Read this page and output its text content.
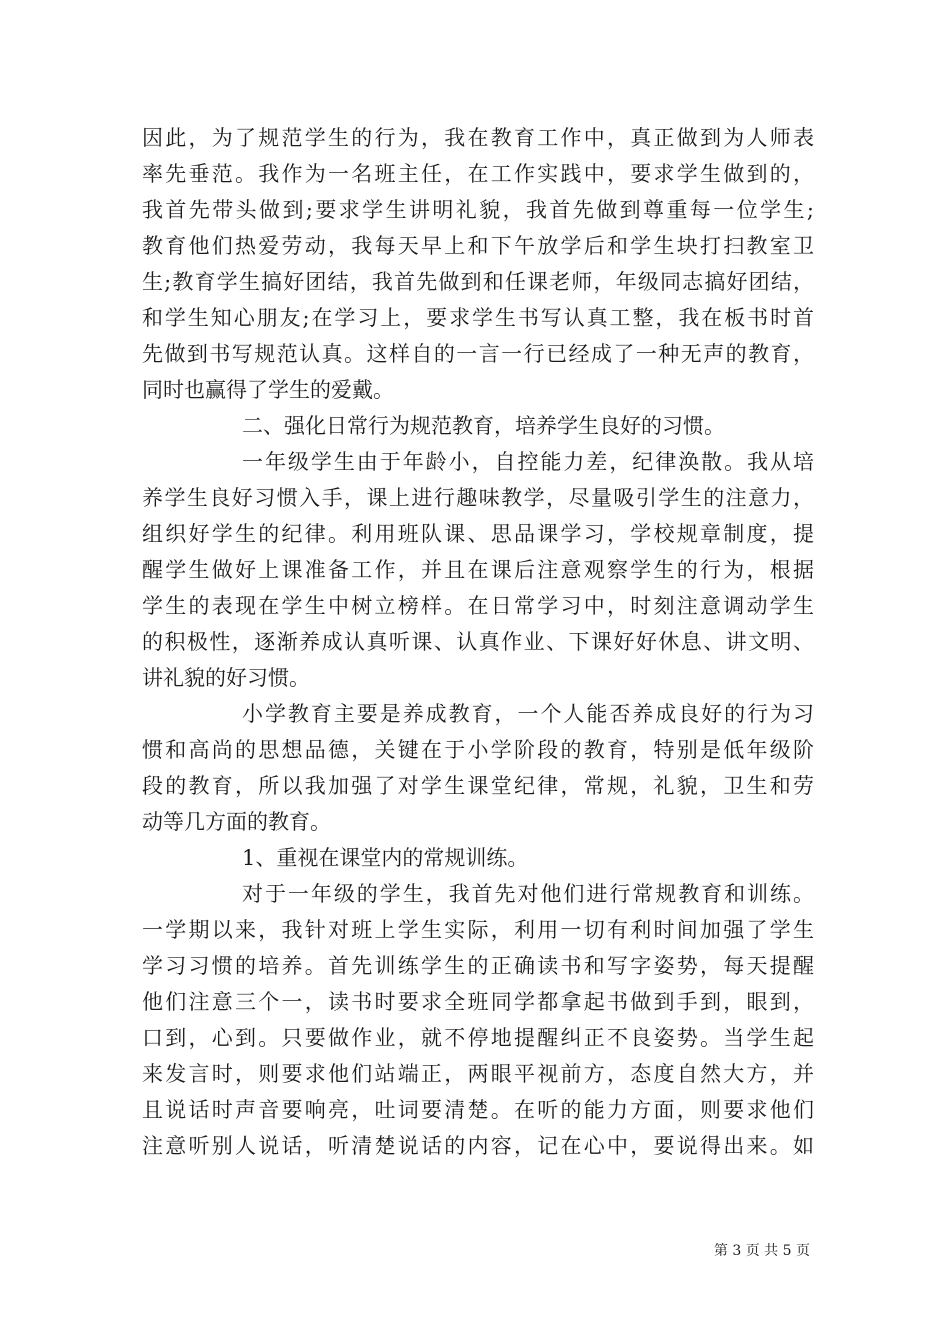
因此，为了规范学生的行为，我在教育工作中，真正做到为人师表
率先垂范。我作为一名班主任，在工作实践中，要求学生做到的，
我首先带头做到;要求学生讲明礼貌，我首先做到尊重每一位学生;
教育他们热爱劳动，我每天早上和下午放学后和学生块打扫教室卫
生;教育学生搞好团结，我首先做到和任课老师，年级同志搞好团结，
和学生知心朋友;在学习上，要求学生书写认真工整，我在板书时首
先做到书写规范认真。这样自的一言一行已经成了一种无声的教育，
同时也赢得了学生的爱戴。
二、强化日常行为规范教育，培养学生良好的习惯。
一年级学生由于年龄小，自控能力差，纪律涣散。我从培
养学生良好习惯入手，课上进行趣味教学，尽量吸引学生的注意力，
组织好学生的纪律。利用班队课、思品课学习，学校规章制度，提
醒学生做好上课准备工作，并且在课后注意观察学生的行为，根据
学生的表现在学生中树立榜样。在日常学习中，时刻注意调动学生
的积极性，逐渐养成认真听课、认真作业、下课好好休息、讲文明、
讲礼貌的好习惯。
小学教育主要是养成教育，一个人能否养成良好的行为习
惯和高尚的思想品德，关键在于小学阶段的教育，特别是低年级阶
段的教育，所以我加强了对学生课堂纪律，常规，礼貌，卫生和劳
动等几方面的教育。
1、重视在课堂内的常规训练。
对于一年级的学生，我首先对他们进行常规教育和训练。
一学期以来，我针对班上学生实际，利用一切有利时间加强了学生
学习习惯的培养。首先训练学生的正确读书和写字姿势，每天提醒
他们注意三个一，读书时要求全班同学都拿起书做到手到，眼到，
口到，心到。只要做作业，就不停地提醒纠正不良姿势。当学生起
来发言时，则要求他们站端正，两眼平视前方，态度自然大方，并
且说话时声音要响亮，吐词要清楚。在听的能力方面，则要求他们
注意听别人说话，听清楚说话的内容，记在心中，要说得出来。如
第 3 页 共 5 页
